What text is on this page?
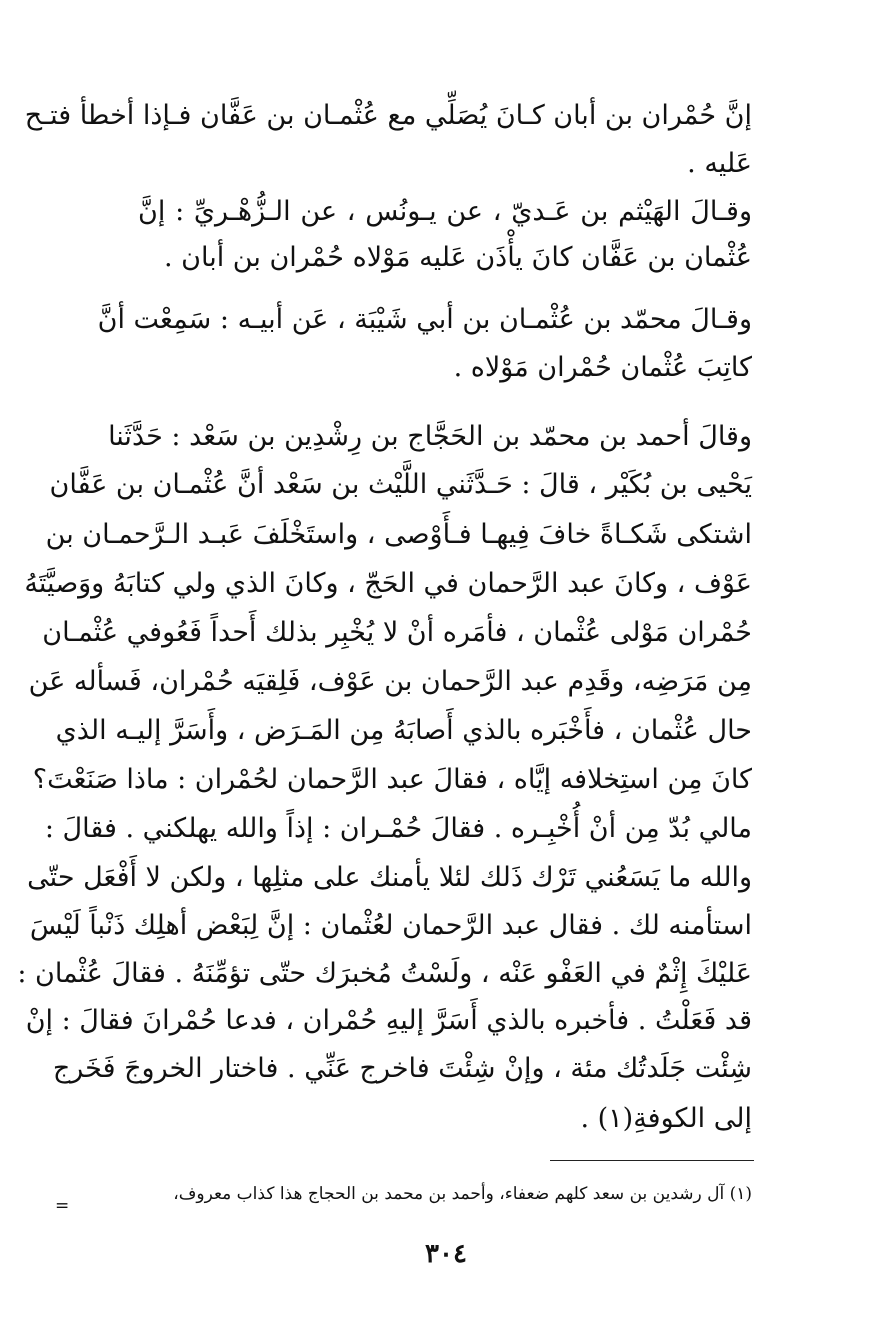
إنَّ حُمْران بن أبان كـانَ يُصَلِّي مع عُثْمـان بن عَفَّان فـإذا أخطأ فتـح
عَليه .
وقـالَ الهَيْثم بن عَـديّ ، عن يـونُس ، عن الـزُّهْـريِّ : إنَّ
عُثْمان بن عَفَّان كانَ يأْذَن عَليه مَوْلاه حُمْران بن أبان .
وقـالَ محمّد بن عُثْمـان بن أبي شَيْبَة ، عَن أبيـه : سَمِعْت أنَّ
كاتِبَ عُثْمان حُمْران مَوْلاه .
وقالَ أحمد بن محمّد بن الحَجَّاج بن رِشْدِين بن سَعْد : حَدَّثَنا
يَحْيى بن بُكَيْر ، قالَ : حَـدَّثَني اللَّيْث بن سَعْد أنَّ عُثْمـان بن عَفَّان
اشتكى شَكـاةً خافَ فِيهـا فـأَوْصى ، واستَخْلَفَ عَبـد الـرَّحمـان بن
عَوْف ، وكانَ عبد الرَّحمان في الحَجّ ، وكانَ الذي ولي كتابَهُ ووَصيَّتَهُ
حُمْران مَوْلى عُثْمان ، فأمَره أنْ لا يُخْبِر بذلك أَحداً فَعُوفي عُثْمـان
مِن مَرَضِه، وقَدِم عبد الرَّحمان بن عَوْف، فَلِقيَه حُمْران، فَسأله عَن
حال عُثْمان ، فأَخْبَره بالذي أَصابَهُ مِن المَـرَض ، وأَسَرَّ إليـه الذي
كانَ مِن استِخلافه إيَّاه ، فقالَ عبد الرَّحمان لحُمْران : ماذا صَنَعْتَ؟
مالي بُدّ مِن أنْ أُخْبِـره . فقالَ حُمْـران : إذاً والله يهلكني . فقالَ :
والله ما يَسَعُني تَرْك ذَلك لئلا يأمنك على مثلِها ، ولكن لا أَفْعَل حتّى
استأمنه لك . فقال عبد الرَّحمان لعُثْمان : إنَّ لِبَعْض أهلِك ذَنْباً لَيْسَ
عَليْكَ إِثْمٌ في العَفْو عَنْه ، ولَسْتُ مُخبرَك حتّى تؤمِّنَهُ . فقالَ عُثْمان :
قد فَعَلْتُ . فأخبره بالذي أَسَرَّ إليهِ حُمْران ، فدعا حُمْرانَ فقالَ : إنْ
شِئْت جَلَدتُك مئة ، وإنْ شِئْتَ فاخرج عَنِّي . فاختار الخروجَ فَخَرج
إلى الكوفةِ(١) .
(١) آل رشدين بن سعد كلهم ضعفاء، وأحمد بن محمد بن الحجاج هذا كذاب معروف،
=
٣٠٤
